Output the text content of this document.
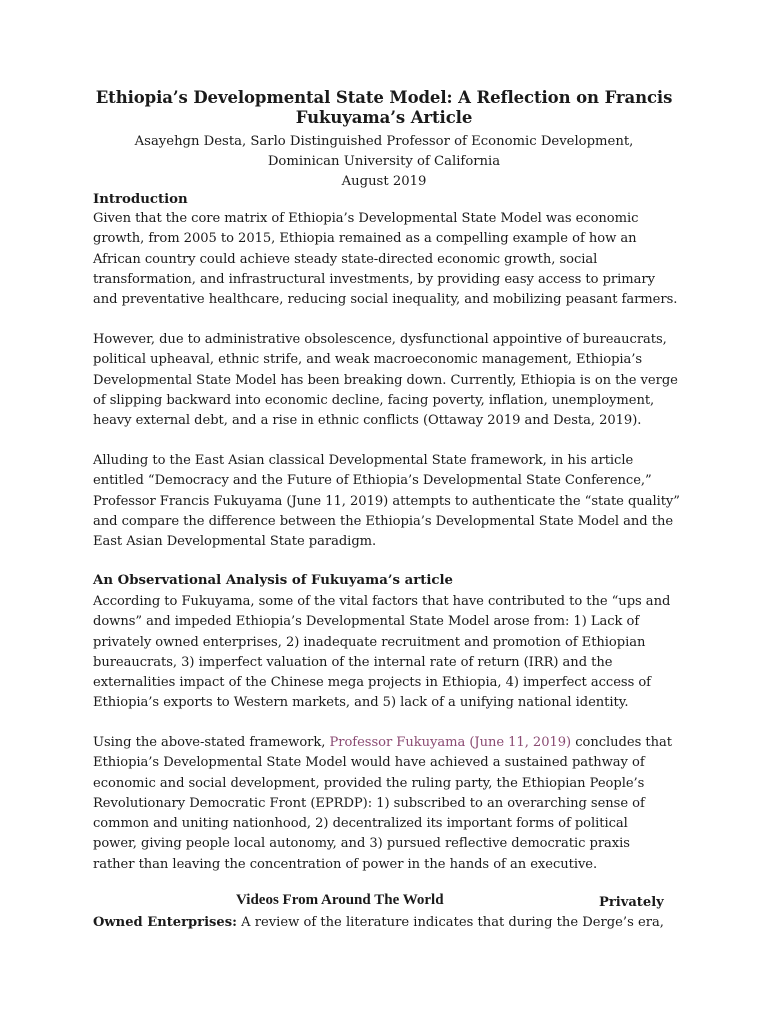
Ethiopia’s Developmental State Model: A Reflection on Francis
Fukuyama’s Article
Asayehgn Desta, Sarlo Distinguished Professor of Economic Development,
Dominican University of California
August 2019
Introduction
Given that the core matrix of Ethiopia’s Developmental State Model was economic
growth, from 2005 to 2015, Ethiopia remained as a compelling example of how an
African country could achieve steady state-directed economic growth, social
transformation, and infrastructural investments, by providing easy access to primary
and preventative healthcare, reducing social inequality, and mobilizing peasant farmers.
However, due to administrative obsolescence, dysfunctional appointive of bureaucrats,
political upheaval, ethnic strife, and weak macroeconomic management, Ethiopia’s
Developmental State Model has been breaking down. Currently, Ethiopia is on the verge
of slipping backward into economic decline, facing poverty, inflation, unemployment,
heavy external debt, and a rise in ethnic conflicts (Ottaway 2019 and Desta, 2019).
Alluding to the East Asian classical Developmental State framework, in his article
entitled “Democracy and the Future of Ethiopia’s Developmental State Conference,”
Professor Francis Fukuyama (June 11, 2019) attempts to authenticate the “state quality”
and compare the difference between the Ethiopia’s Developmental State Model and the
East Asian Developmental State paradigm.
An Observational Analysis of Fukuyama’s article
According to Fukuyama, some of the vital factors that have contributed to the “ups and
downs” and impeded Ethiopia’s Developmental State Model arose from: 1) Lack of
privately owned enterprises, 2) inadequate recruitment and promotion of Ethiopian
bureaucrats, 3) imperfect valuation of the internal rate of return (IRR) and the
externalities impact of the Chinese mega projects in Ethiopia, 4) imperfect access of
Ethiopia’s exports to Western markets, and 5) lack of a unifying national identity.
Using the above-stated framework, Professor Fukuyama (June 11, 2019) concludes that
Ethiopia’s Developmental State Model would have achieved a sustained pathway of
economic and social development, provided the ruling party, the Ethiopian People’s
Revolutionary Democratic Front (EPRDP): 1) subscribed to an overarching sense of
common and uniting nationhood, 2) decentralized its important forms of political
power, giving people local autonomy, and 3) pursued reflective democratic praxis
rather than leaving the concentration of power in the hands of an executive.
Videos From Around The World	Privately
Owned Enterprises: A review of the literature indicates that during the Derge’s era,
